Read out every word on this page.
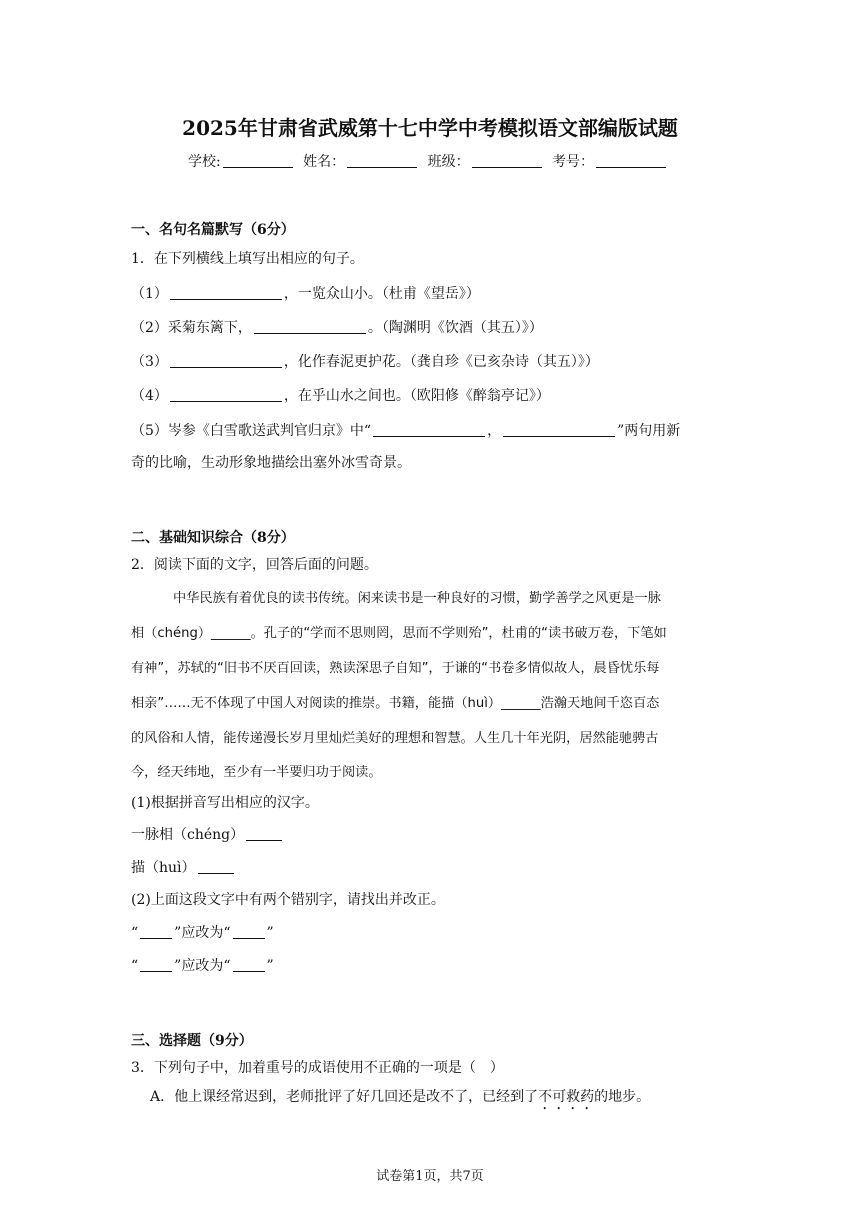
2025年甘肃省武威第十七中学中考模拟语文部编版试题
学校:	姓名：	班级：	考号：
一、名句名篇默写（6分）
1．在下列横线上填写出相应的句子。
（1）	，一览众山小。（杜甫《望岳》）
（2）采菊东篱下，	。（陶渊明《饮酒（其五）》）
（3）	，化作春泥更护花。（龚自珍《已亥杂诗（其五）》）
（4）	，在乎山水之间也。（欧阳修《醉翁亭记》）
（5）岑参《白雪歌送武判官归京》中“	，	”两句用新
奇的比喻，生动形象地描绘出塞外冰雪奇景。
二、基础知识综合（8分）
2．阅读下面的文字，回答后面的问题。
中华民族有着优良的读书传统。闲来读书是一种良好的习惯，勤学善学之风更是一脉
相（chéng）______。孔子的“学而不思则罔，思而不学则殆”，杜甫的“读书破万卷，下笔如
有神”，苏轼的“旧书不厌百回读，熟读深思子自知”，于谦的“书卷多情似故人，晨昏忧乐每
相亲”……无不体现了中国人对阅读的推崇。书籍，能描（huì）______浩瀚天地间千恣百态
的风俗和人情，能传递漫长岁月里灿烂美好的理想和智慧。人生几十年光阴，居然能驰骋古
今，经天纬地，至少有一半要归功于阅读。
(1)根据拼音写出相应的汉字。
一脉相（chéng）
描（huì）
(2)上面这段文字中有两个错别字，请找出并改正。
“	”应改为“	”
“	”应改为“	”
三、选择题（9分）
3．下列句子中，加着重号的成语使用不正确的一项是（　）
A．他上课经常迟到，老师批评了好几回还是改不了，已经到了不可救药的地步。
试卷第1页，共7页
